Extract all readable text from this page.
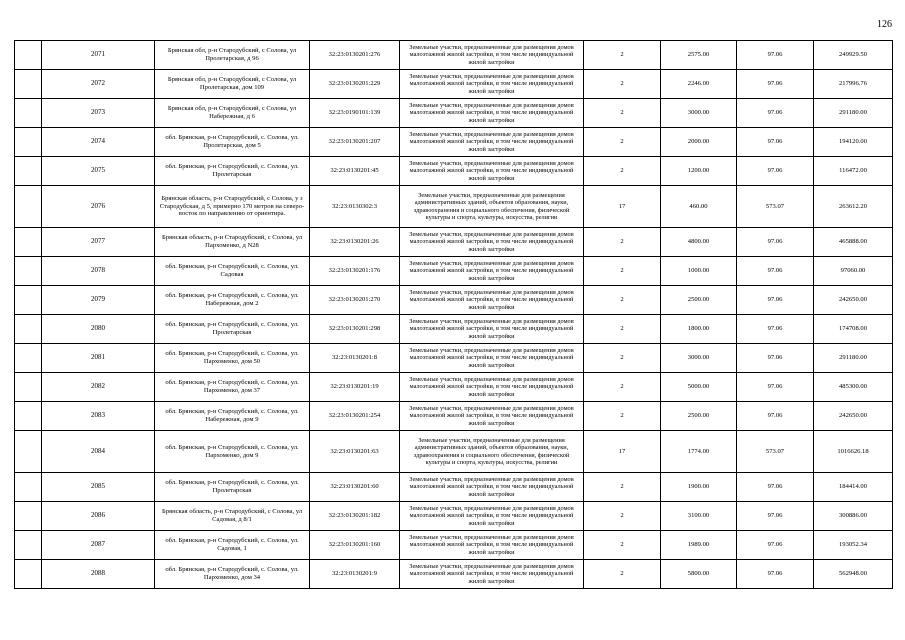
126
	2071	Брянская обл, р-н Стародубский, с Солова, ул Пролетарская, д 96	32:23:0130201:276	Земельные участки, предназначенные для размещения домов малоэтажной жилой застройки, в том числе индивидуальной жилой застройки	2	2575.00	97.06	249929.50
	2072	Брянская обл, р-н Стародубский, с Солова, ул Пролетарская, дом 109	32:23:0130201:229	Земельные участки, предназначенные для размещения домов малоэтажной жилой застройки, в том числе индивидуальной жилой застройки	2	2246.00	97.06	217996.76
	2073	Брянская обл, р-н Стародубский, с Солова, ул Набережная, д 6	32:23:0190101:139	Земельные участки, предназначенные для размещения домов малоэтажной жилой застройки, в том числе индивидуальной жилой застройки	2	3000.00	97.06	291180.00
	2074	обл. Брянская, р-н Стародубский, с. Солова, ул. Пролетарская, дом 5	32:23:0130201:207	Земельные участки, предназначенные для размещения домов малоэтажной жилой застройки, в том числе индивидуальной жилой застройки	2	2000.00	97.06	194120.00
	2075	обл. Брянская, р-н Стародубский, с. Солова, ул. Пролетарская	32:23:0130201:45	Земельные участки, предназначенные для размещения домов малоэтажной жилой застройки, в том числе индивидуальной жилой застройки	2	1200.00	97.06	116472.00
	2076	Брянская область, р-н Стародубский, с Солова, у з Стародубская, д 5, примерно 170 метров на северо-восток по направлению от ориентира.	32:23:0130302:3	Земельные участки, предназначенные для размещения административных зданий, объектов образования, науки, здравоохранения и социального обеспечения, физической культуры и спорта, культуры, искусства, религии	17	460.00	573.07	263612.20
	2077	Брянская область, р-н Стародубский, с Солова, ул Пархоменко, д N28	32:23:0130201:26	Земельные участки, предназначенные для размещения домов малоэтажной жилой застройки, в том числе индивидуальной жилой застройки	2	4800.00	97.06	465888.00
	2078	обл. Брянская, р-н Стародубский, с. Солова, ул. Садовая	32:23:0130201:176	Земельные участки, предназначенные для размещения домов малоэтажной жилой застройки, в том числе индивидуальной жилой застройки	2	1000.00	97.06	97060.00
	2079	обл. Брянская, р-н Стародубский, с. Солова, ул. Набережная, дом 2	32:23:0130201:270	Земельные участки, предназначенные для размещения домов малоэтажной жилой застройки, в том числе индивидуальной жилой застройки	2	2500.00	97.06	242650.00
	2080	обл. Брянская, р-н Стародубский, с. Солова, ул. Пролетарская	32:23:0130201:298	Земельные участки, предназначенные для размещения домов малоэтажной жилой застройки, в том числе индивидуальной жилой застройки	2	1800.00	97.06	174708.00
	2081	обл. Брянская, р-н Стародубский, с. Солова, ул. Пархоменко, дом 50	32:23:0130201:8	Земельные участки, предназначенные для размещения домов малоэтажной жилой застройки, в том числе индивидуальной жилой застройки	2	3000.00	97.06	291180.00
	2082	обл. Брянская, р-н Стародубский, с. Солова, ул. Пархоменко, дом 37	32:23:0130201:19	Земельные участки, предназначенные для размещения домов малоэтажной жилой застройки, в том числе индивидуальной жилой застройки	2	5000.00	97.06	485300.00
	2083	обл. Брянская, р-н Стародубский, с. Солова, ул. Набережная, дом 9	32:23:0130201:254	Земельные участки, предназначенные для размещения домов малоэтажной жилой застройки, в том числе индивидуальной жилой застройки	2	2500.00	97.06	242650.00
	2084	обл. Брянская, р-н Стародубский, с. Солова, ул. Пархоменко, дом 9	32:23:0130201:63	Земельные участки, предназначенные для размещения административных зданий, объектов образования, науки, здравоохранения и социального обеспечения, физической культуры и спорта, культуры, искусства, религии	17	1774.00	573.07	1016626.18
	2085	обл. Брянская, р-н Стародубский, с. Солова, ул. Пролетарская	32:23:0130201:60	Земельные участки, предназначенные для размещения домов малоэтажной жилой застройки, в том числе индивидуальной жилой застройки	2	1900.00	97.06	184414.00
	2086	Брянская область, р-н Стародубский, с Солова, ул Садовая, д 8/1	32:23:0130201:182	Земельные участки, предназначенные для размещения домов малоэтажной жилой застройки, в том числе индивидуальной жилой застройки	2	3100.00	97.06	300886.00
	2087	обл. Брянская, р-н Стародубский, с. Солова, ул. Садовая, 1	32:23:0130201:160	Земельные участки, предназначенные для размещения домов малоэтажной жилой застройки, в том числе индивидуальной жилой застройки	2	1989.00	97.06	193052.34
	2088	обл. Брянская, р-н Стародубский, с. Солова, ул. Пархоменко, дом 34	32:23:0130201:9	Земельные участки, предназначенные для размещения домов малоэтажной жилой застройки, в том числе индивидуальной жилой застройки	2	5800.00	97.06	562948.00
